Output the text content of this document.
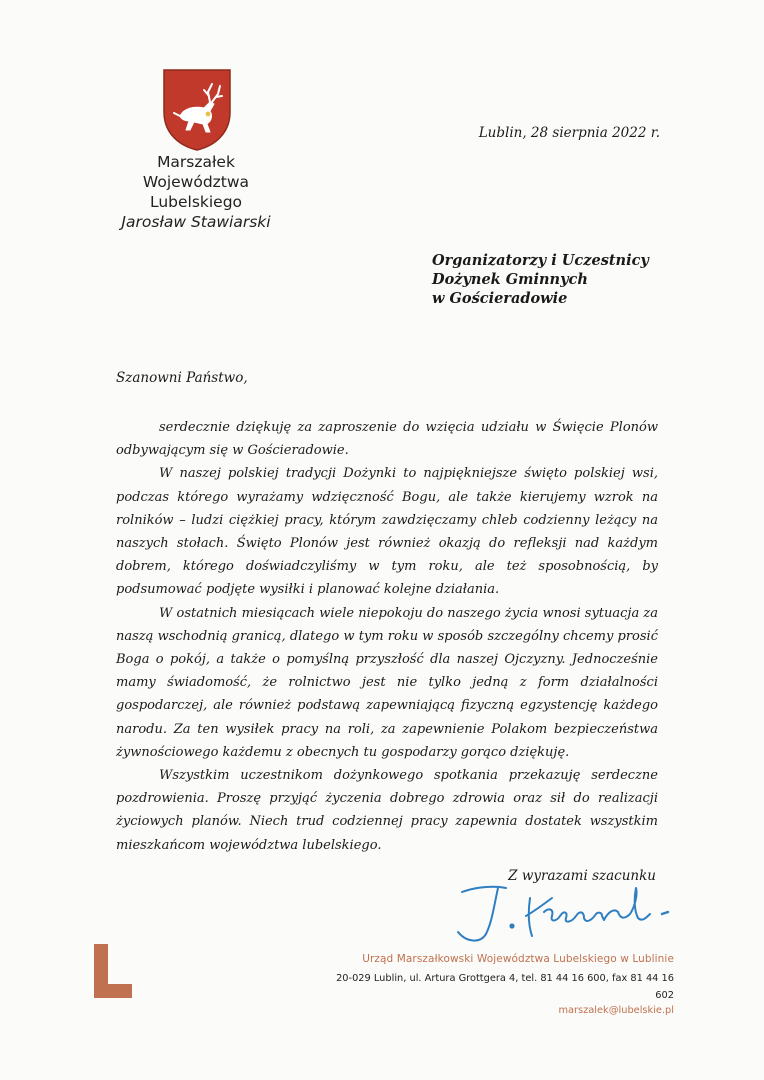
Marszałek
Województwa Lubelskiego
Jarosław Stawiarski
Lublin, 28 sierpnia 2022 r.
Organizatorzy i Uczestnicy
Dożynek Gminnych
w Gościeradowie
Szanowni Państwo,

serdecznie dziękuję za zaproszenie do wzięcia udziału w Święcie Plonów odbywającym się w Gościeradowie.

W naszej polskiej tradycji Dożynki to najpiękniejsze święto polskiej wsi, podczas którego wyrażamy wdzięczność Bogu, ale także kierujemy wzrok na rolników – ludzi ciężkiej pracy, którym zawdzięczamy chleb codzienny leżący na naszych stołach. Święto Plonów jest również okazją do refleksji nad każdym dobrem, którego doświadczyliśmy w tym roku, ale też sposobnością, by podsumować podjęte wysiłki i planować kolejne działania.

W ostatnich miesiącach wiele niepokoju do naszego życia wnosi sytuacja za naszą wschodnią granicą, dlatego w tym roku w sposób szczególny chcemy prosić Boga o pokój, a także o pomyślną przyszłość dla naszej Ojczyzny. Jednocześnie mamy świadomość, że rolnictwo jest nie tylko jedną z form działalności gospodarczej, ale również podstawą zapewniającą fizyczną egzystencję każdego narodu. Za ten wysiłek pracy na roli, za zapewnienie Polakom bezpieczeństwa żywnościowego każdemu z obecnych tu gospodarzy gorąco dziękuję.

Wszystkim uczestnikom dożynkowego spotkania przekazuję serdeczne pozdrowienia. Proszę przyjąć życzenia dobrego zdrowia oraz sił do realizacji życiowych planów. Niech trud codziennej pracy zapewnia dostatek wszystkim mieszkańcom województwa lubelskiego.

Z wyrazami szacunku
Urząd Marszałkowski Województwa Lubelskiego w Lublinie
20-029 Lublin, ul. Artura Grottgera 4, tel. 81 44 16 600, fax 81 44 16 602
marszalek@lubelskie.pl
